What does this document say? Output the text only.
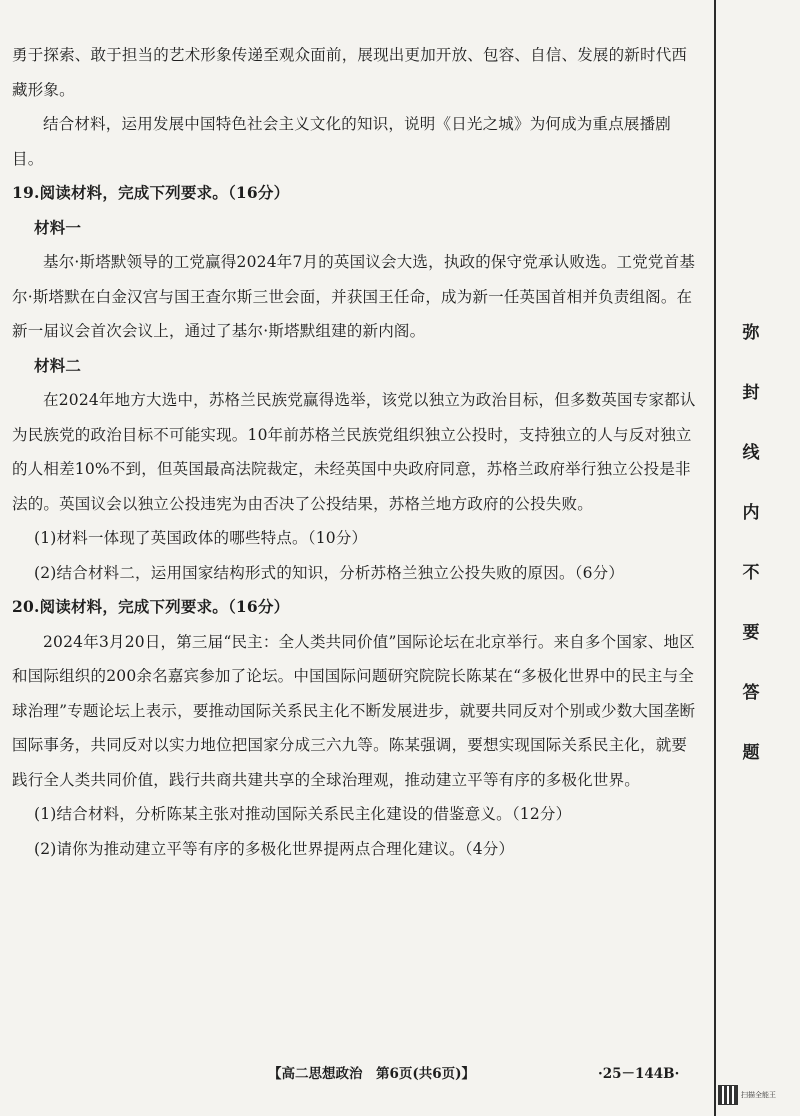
勇于探索、敢于担当的艺术形象传递至观众面前，展现出更加开放、包容、自信、发展的新时代西藏形象。

结合材料，运用发展中国特色社会主义文化的知识，说明《日光之城》为何成为重点展播剧目。

19.阅读材料，完成下列要求。（16分）

材料一

基尔·斯塔默领导的工党赢得2024年7月的英国议会大选，执政的保守党承认败选。工党党首基尔·斯塔默在白金汉宫与国王查尔斯三世会面，并获国王任命，成为新一任英国首相并负责组阁。在新一届议会首次会议上，通过了基尔·斯塔默组建的新内阁。

材料二

在2024年地方大选中，苏格兰民族党赢得选举，该党以独立为政治目标，但多数英国专家都认为民族党的政治目标不可能实现。10年前苏格兰民族党组织独立公投时，支持独立的人与反对独立的人相差10%不到，但英国最高法院裁定，未经英国中央政府同意，苏格兰政府举行独立公投是非法的。英国议会以独立公投违宪为由否决了公投结果，苏格兰地方政府的公投失败。

(1)材料一体现了英国政体的哪些特点。（10分）

(2)结合材料二，运用国家结构形式的知识，分析苏格兰独立公投失败的原因。（6分）

20.阅读材料，完成下列要求。（16分）

2024年3月20日，第三届“民主：全人类共同价值”国际论坛在北京举行。来自多个国家、地区和国际组织的200余名嘉宾参加了论坛。中国国际问题研究院院长陈某在“多极化世界中的民主与全球治理”专题论坛上表示，要推动国际关系民主化不断发展进步，就要共同反对个别或少数大国垄断国际事务，共同反对以实力地位把国家分成三六九等。陈某强调，要想实现国际关系民主化，就要践行全人类共同价值，践行共商共建共享的全球治理观，推动建立平等有序的多极化世界。

(1)结合材料，分析陈某主张对推动国际关系民主化建设的借鉴意义。（12分）

(2)请你为推动建立平等有序的多极化世界提两点合理化建议。（4分）

弥
封
线
内
不
要
答
题
【高二思想政治　第6页(共6页)】	·25－144B·
扫描全能王
